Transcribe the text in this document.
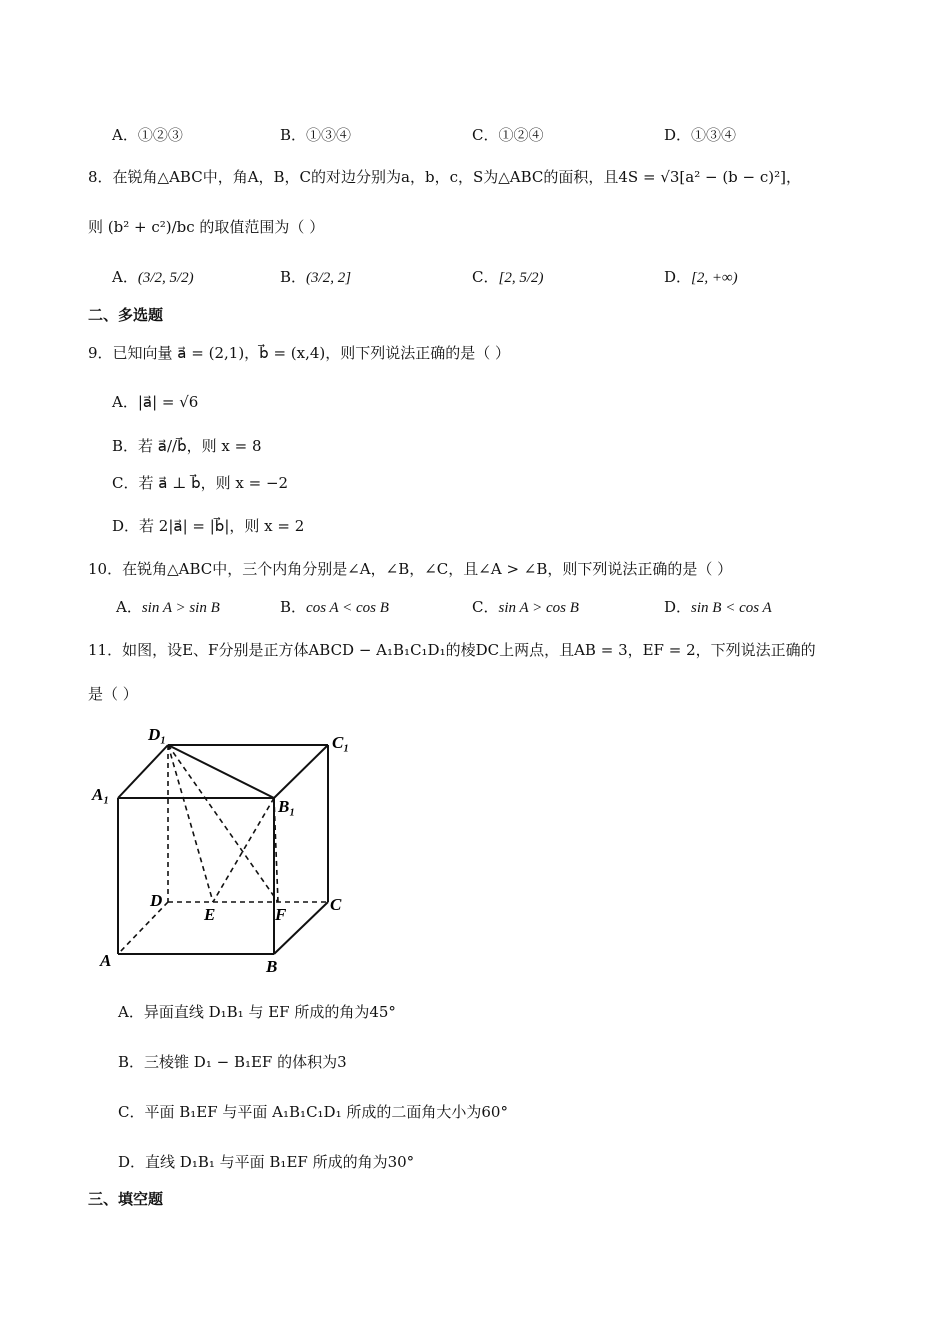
A．①②③	B．①③④	C．①②④	D．①③④
8．在锐角△ABC中，角A，B，C的对边分别为a，b，c，S为△ABC的面积，且4S = √3[a² − (b − c)²]，
则 (b² + c²)/bc 的取值范围为（ ）
A．(3/2, 5/2)	B．(3/2, 2]	C．[2, 5/2)	D．[2, +∞)
二、多选题
9．已知向量 a⃗ = (2,1)，b⃗ = (x,4)，则下列说法正确的是（ ）
A．|a⃗| = √6
B．若 a⃗//b⃗，则 x = 8
C．若 a⃗ ⊥ b⃗，则 x = −2
D．若 2|a⃗| = |b⃗|，则 x = 2
10．在锐角△ABC中，三个内角分别是∠A，∠B，∠C，且∠A > ∠B，则下列说法正确的是（ ）
A．sin A > sin B	B．cos A < cos B	C．sin A > cos B	D．sin B < cos A
11．如图，设E、F分别是正方体ABCD − A₁B₁C₁D₁的棱DC上两点，且AB = 3，EF = 2，下列说法正确的
是（ ）
D₁	C₁
A₁
B₁
D
E	F
C
A	B
A．异面直线 D₁B₁ 与 EF 所成的角为45°
B．三棱锥 D₁ − B₁EF 的体积为3
C．平面 B₁EF 与平面 A₁B₁C₁D₁ 所成的二面角大小为60°
D．直线 D₁B₁ 与平面 B₁EF 所成的角为30°
三、填空题
